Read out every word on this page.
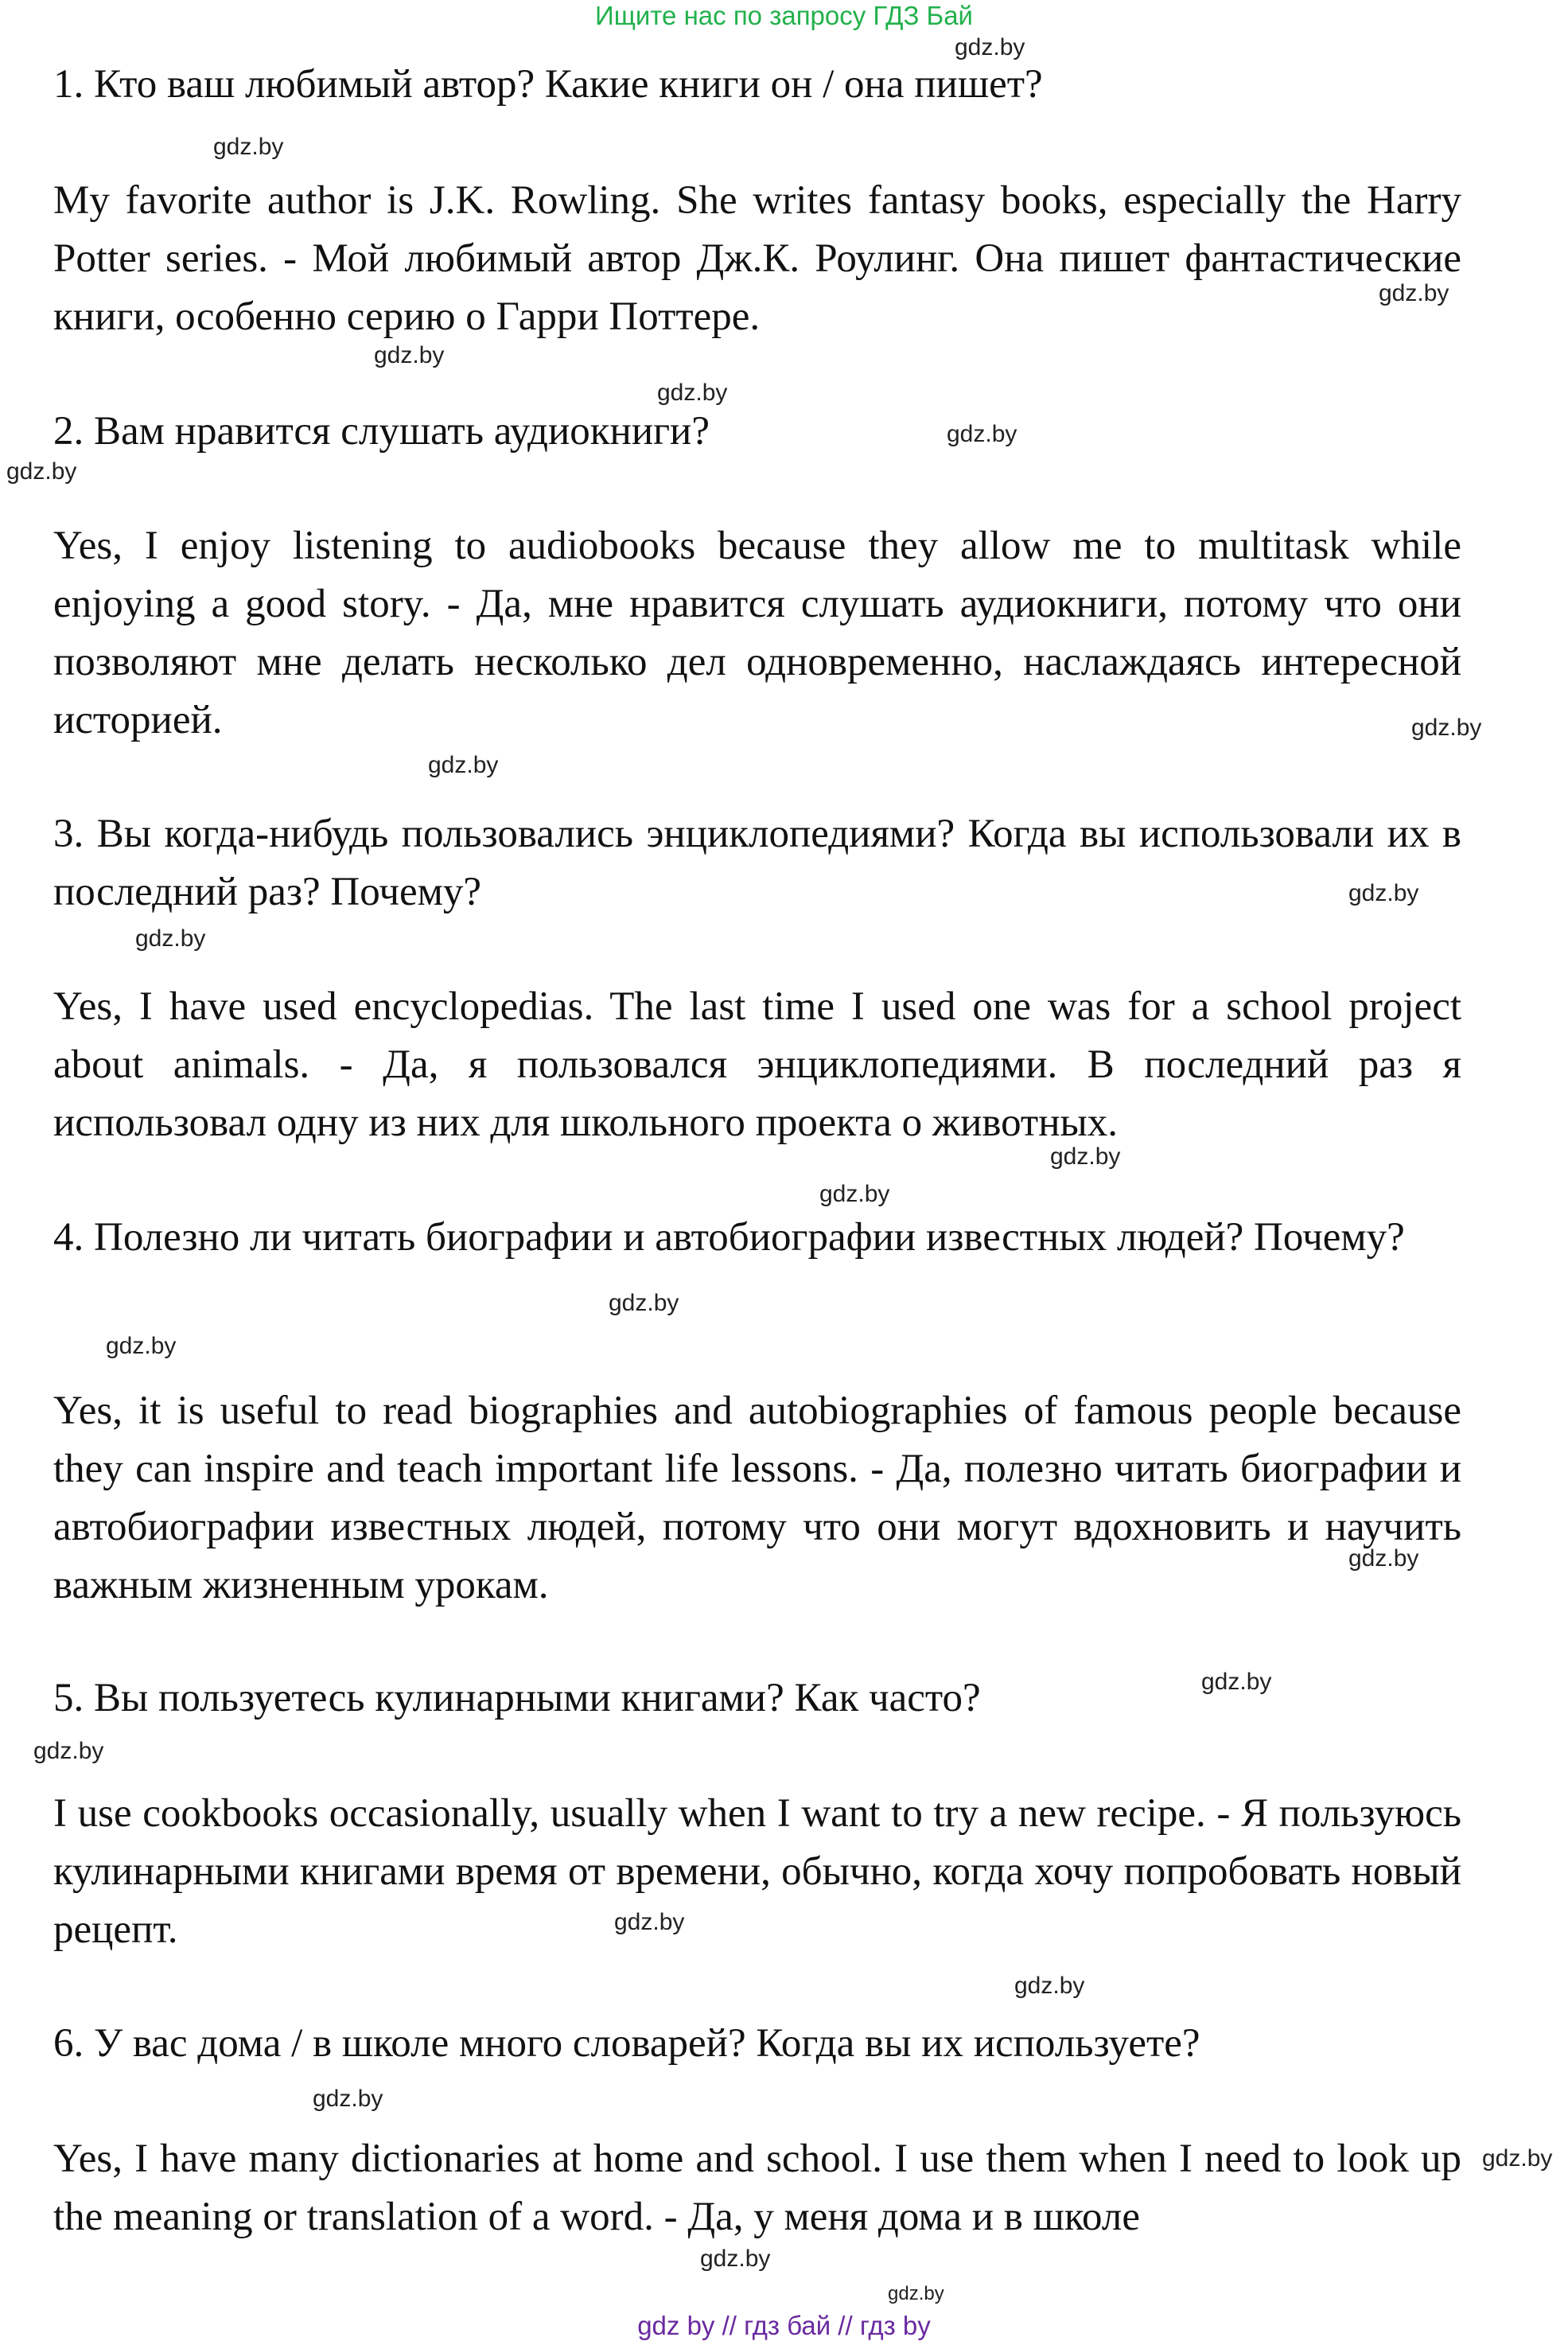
Ищите нас по запросу ГДЗ Бай

1. Кто ваш любимый автор? Какие книги он / она пишет?

My favorite author is J.K. Rowling. She writes fantasy books, especially the Harry Potter series. - Мой любимый автор Дж.К. Роулинг. Она пишет фантастические книги, особенно серию о Гарри Поттере.

2. Вам нравится слушать аудиокниги?

Yes, I enjoy listening to audiobooks because they allow me to multitask while enjoying a good story. - Да, мне нравится слушать аудиокниги, потому что они позволяют мне делать несколько дел одновременно, наслаждаясь интересной историей.

3. Вы когда-нибудь пользовались энциклопедиями? Когда вы использовали их в последний раз? Почему?

Yes, I have used encyclopedias. The last time I used one was for a school project about animals. - Да, я пользовался энциклопедиями. В последний раз я использовал одну из них для школьного проекта о животных.

4. Полезно ли читать биографии и автобиографии известных людей? Почему?

Yes, it is useful to read biographies and autobiographies of famous people because they can inspire and teach important life lessons. - Да, полезно читать биографии и автобиографии известных людей, потому что они могут вдохновить и научить важным жизненным урокам.

5. Вы пользуетесь кулинарными книгами? Как часто?

I use cookbooks occasionally, usually when I want to try a new recipe. - Я пользуюсь кулинарными книгами время от времени, обычно, когда хочу попробовать новый рецепт.

6. У вас дома / в школе много словарей? Когда вы их используете?

Yes, I have many dictionaries at home and school. I use them when I need to look up the meaning or translation of a word. - Да, у меня дома и в школе

gdz.by
gdz.by
gdz.by
gdz.by
gdz.by
gdz.by
gdz.by
gdz.by
gdz.by
gdz.by
gdz.by
gdz.by
gdz.by
gdz.by
gdz.by
gdz.by
gdz.by
gdz.by
gdz.by
gdz.by
gdz.by
gdz.by
gdz.by
gdz.by
gdz by // гдз бай // гдз by
